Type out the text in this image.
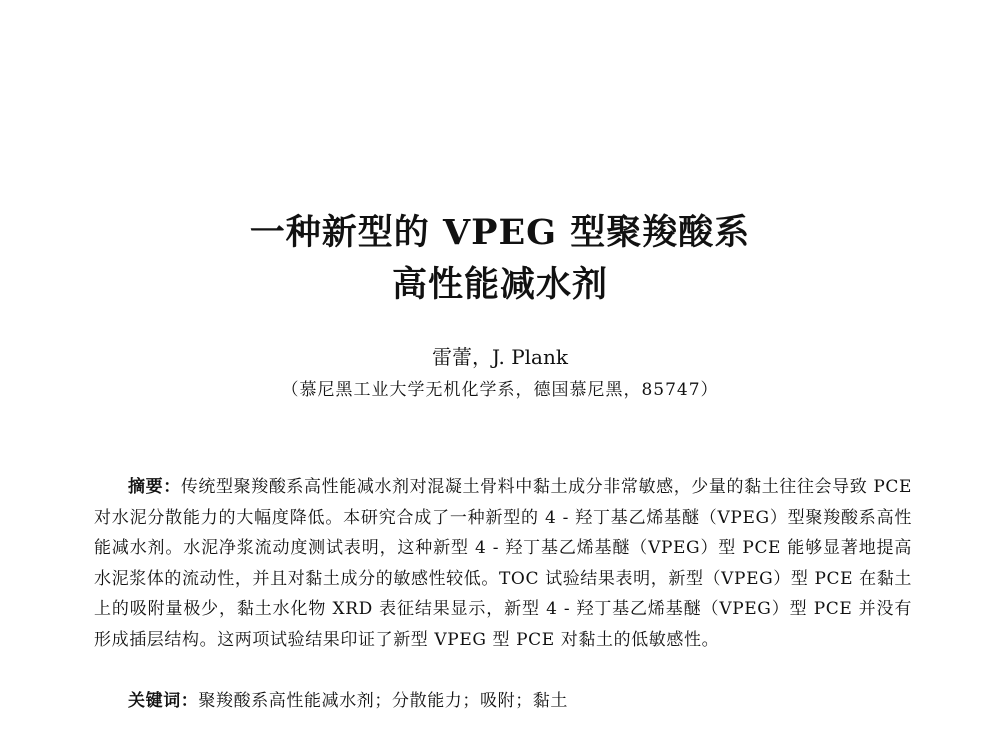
一种新型的 VPEG 型聚羧酸系
高性能减水剂
雷蕾，J. Plank
（慕尼黑工业大学无机化学系，德国慕尼黑，85747）

摘要：传统型聚羧酸系高性能减水剂对混凝土骨料中黏土成分非常敏感，少量的黏土往往会导致 PCE 对水泥分散能力的大幅度降低。本研究合成了一种新型的 4 - 羟丁基乙烯基醚（VPEG）型聚羧酸系高性能减水剂。水泥净浆流动度测试表明，这种新型 4 - 羟丁基乙烯基醚（VPEG）型 PCE 能够显著地提高水泥浆体的流动性，并且对黏土成分的敏感性较低。TOC 试验结果表明，新型（VPEG）型 PCE 在黏土上的吸附量极少，黏土水化物 XRD 表征结果显示，新型 4 - 羟丁基乙烯基醚（VPEG）型 PCE 并没有形成插层结构。这两项试验结果印证了新型 VPEG 型 PCE 对黏土的低敏感性。

关键词：聚羧酸系高性能减水剂；分散能力；吸附；黏土
